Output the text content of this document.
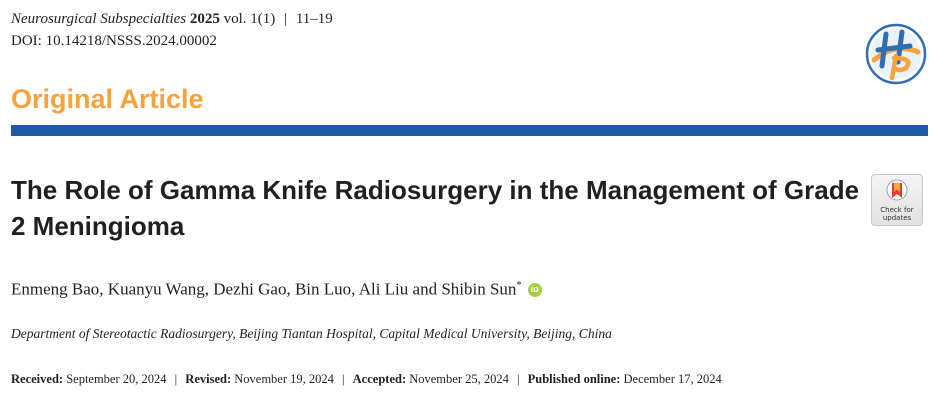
Neurosurgical Subspecialties 2025 vol. 1(1) | 11–19
DOI: 10.14218/NSSS.2024.00002
Original Article
The Role of Gamma Knife Radiosurgery in the Management of Grade 2 Meningioma
Check for
updates
Enmeng Bao, Kuanyu Wang, Dezhi Gao, Bin Luo, Ali Liu and Shibin Sun* iD
Department of Stereotactic Radiosurgery, Beijing Tiantan Hospital, Capital Medical University, Beijing, China
Received: September 20, 2024 | Revised: November 19, 2024 | Accepted: November 25, 2024 | Published online: December 17, 2024
